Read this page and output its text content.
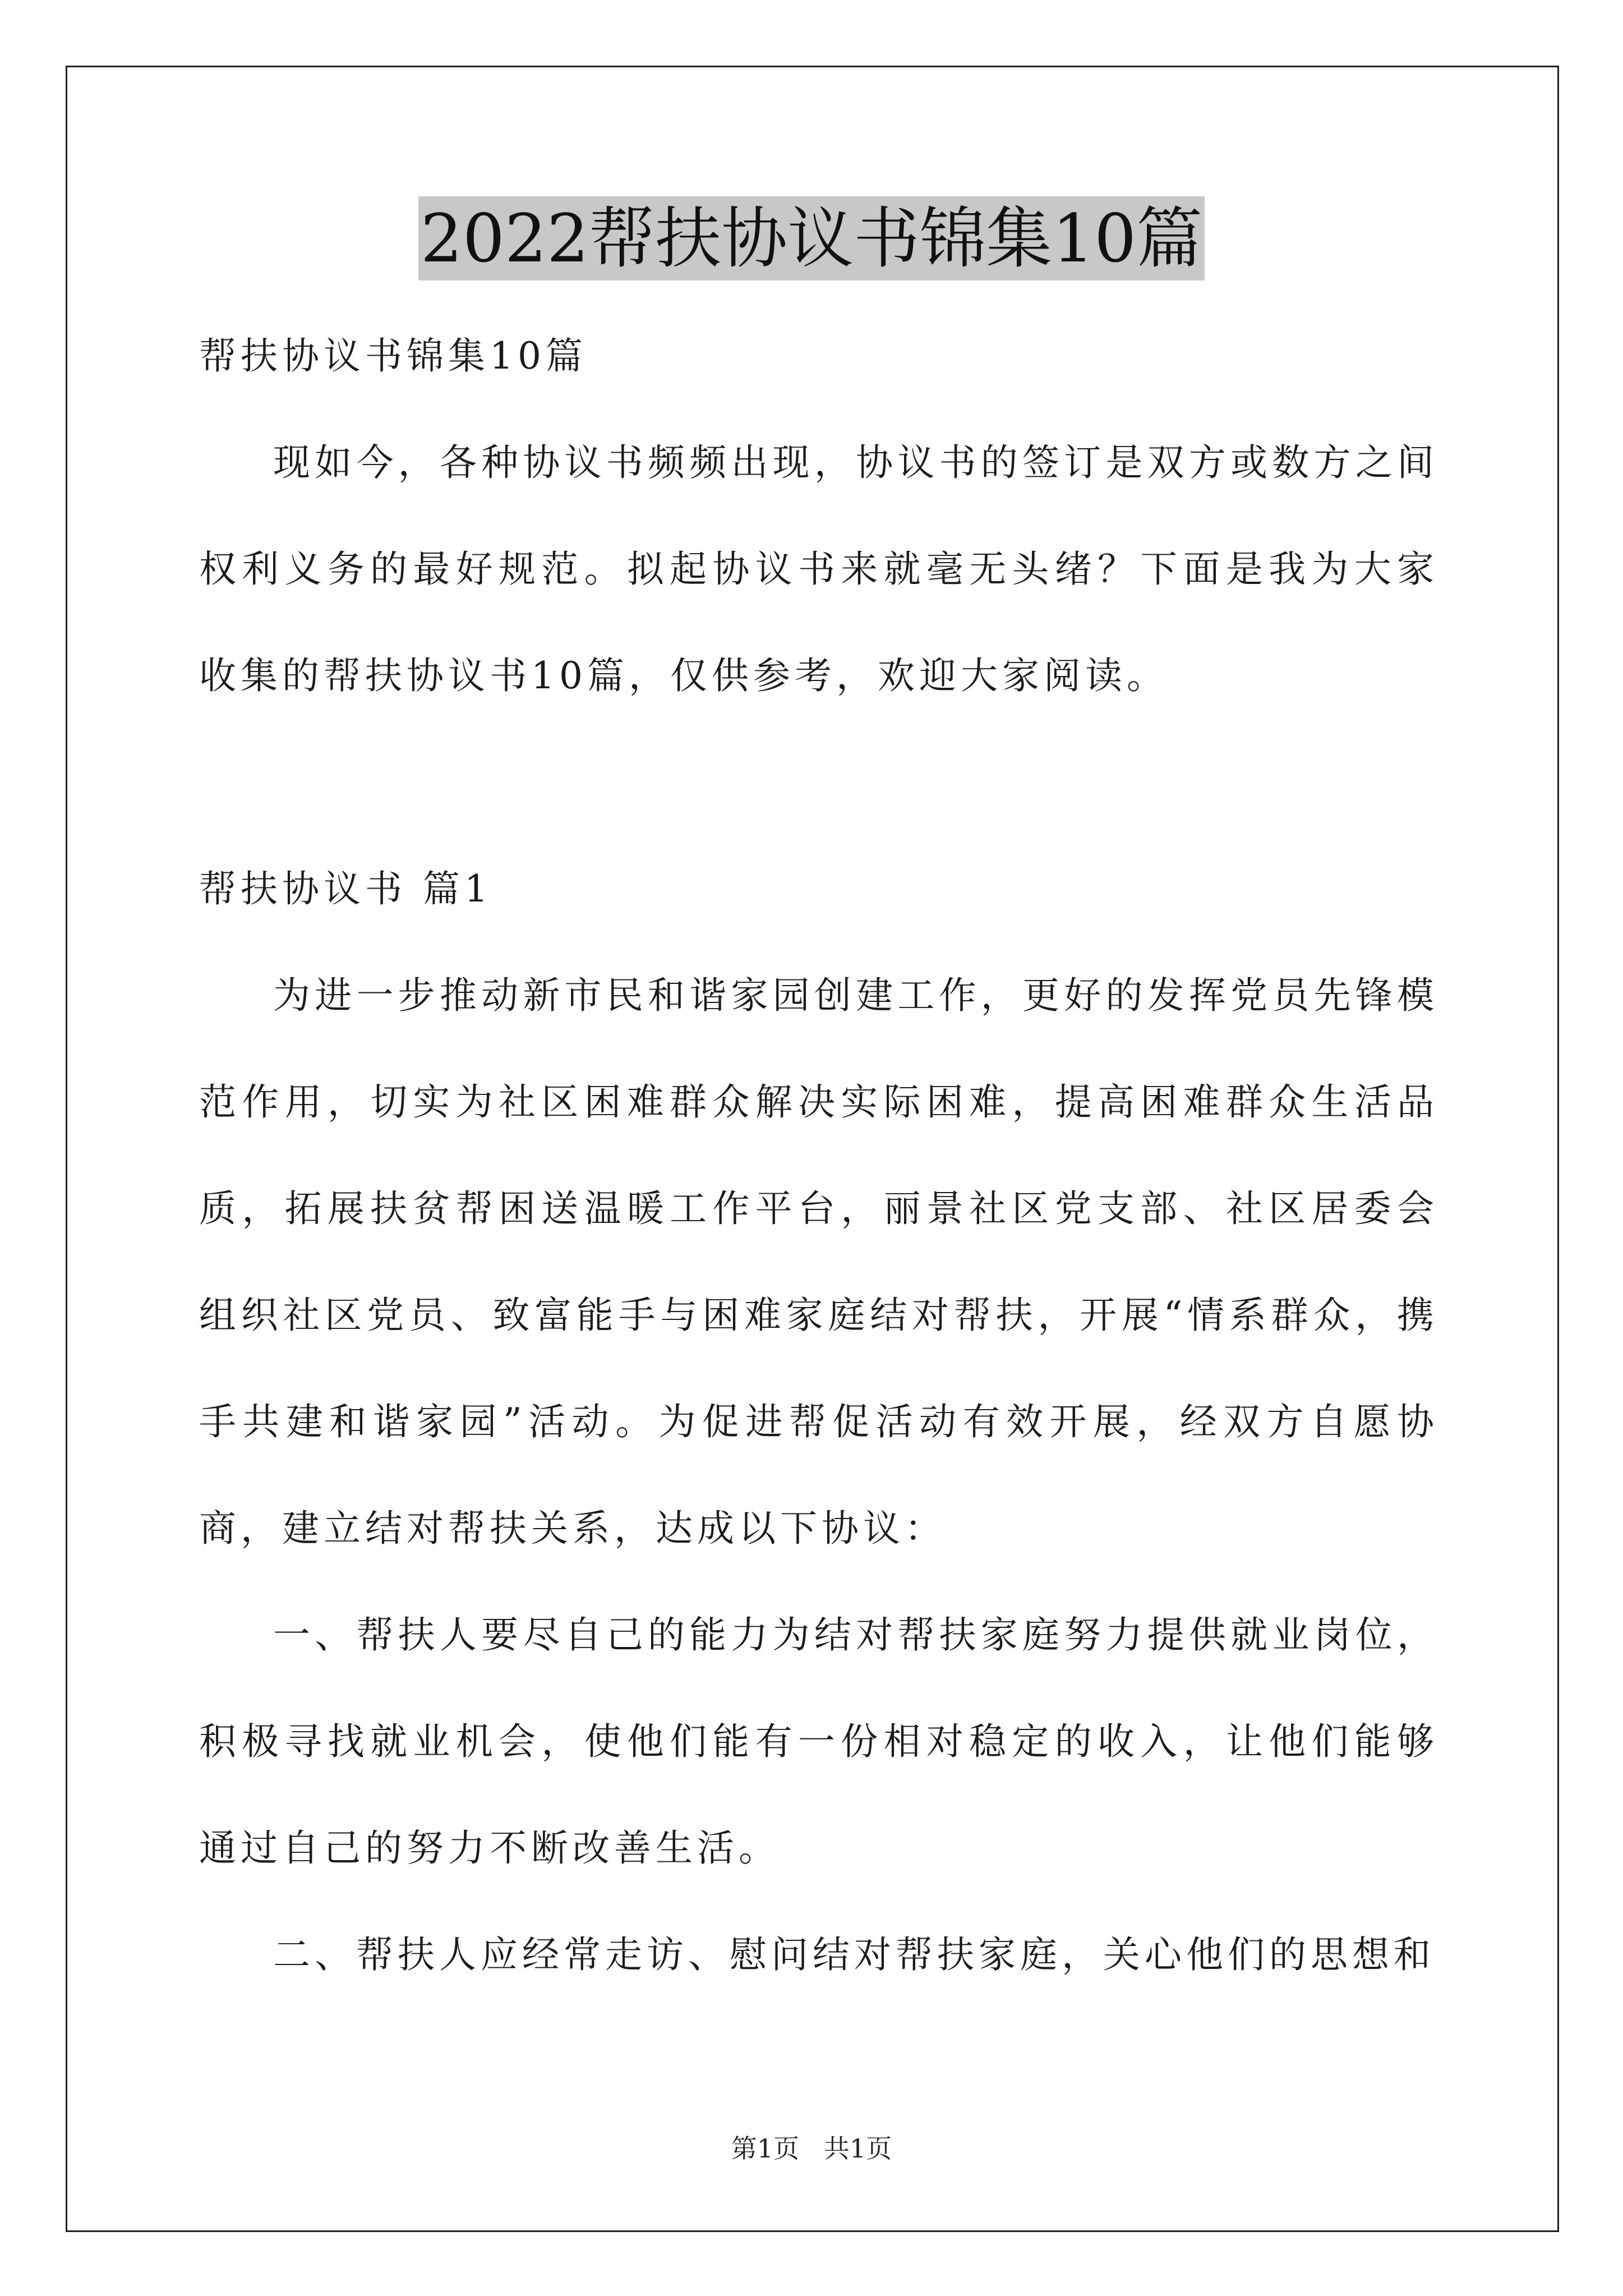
2022帮扶协议书锦集10篇

帮扶协议书锦集10篇

现如今，各种协议书频频出现，协议书的签订是双方或数方之间权利义务的最好规范。拟起协议书来就毫无头绪？下面是我为大家收集的帮扶协议书10篇，仅供参考，欢迎大家阅读。

帮扶协议书 篇1

为进一步推动新市民和谐家园创建工作，更好的发挥党员先锋模范作用，切实为社区困难群众解决实际困难，提高困难群众生活品质，拓展扶贫帮困送温暖工作平台，丽景社区党支部、社区居委会组织社区党员、致富能手与困难家庭结对帮扶，开展“情系群众，携手共建和谐家园”活动。为促进帮促活动有效开展，经双方自愿协商，建立结对帮扶关系，达成以下协议：

一、帮扶人要尽自己的能力为结对帮扶家庭努力提供就业岗位，积极寻找就业机会，使他们能有一份相对稳定的收入，让他们能够通过自己的努力不断改善生活。

二、帮扶人应经常走访、慰问结对帮扶家庭，关心他们的思想和

第1页   共1页
